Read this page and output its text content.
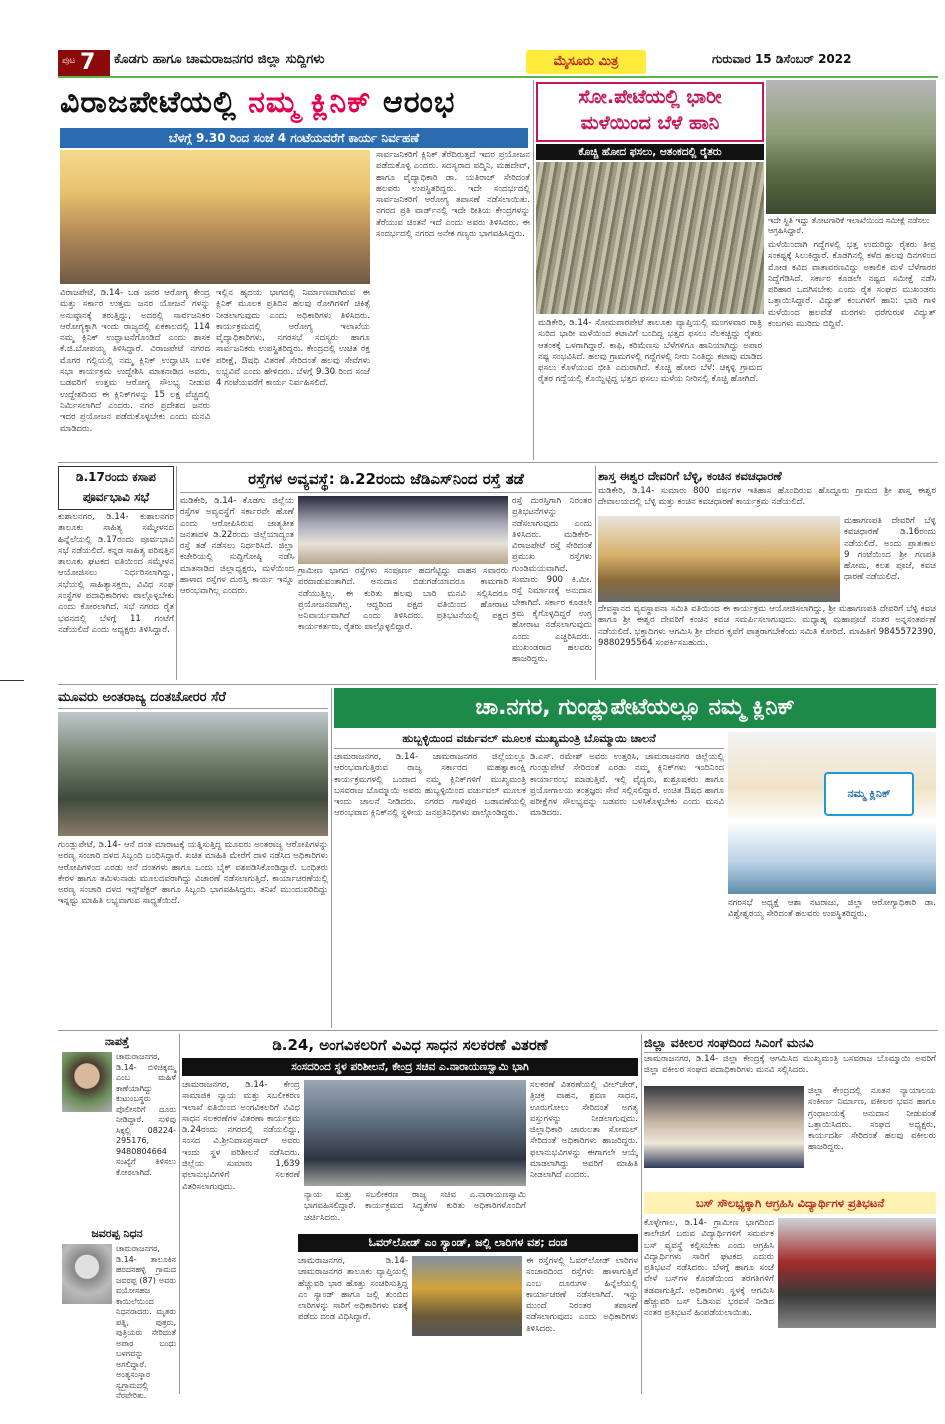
ಪುಟ 7 ಕೊಡಗು ಹಾಗೂ ಚಾಮರಾಜನಗರ ಜಿಲ್ಲಾ ಸುದ್ದಿಗಳು	ಮೈಸೂರು ಮಿತ್ರ	ಗುರುವಾರ 15 ಡಿಸೆಂಬರ್ 2022
ವಿರಾಜಪೇಟೆಯಲ್ಲಿ ನಮ್ಮ ಕ್ಲಿನಿಕ್ ಆರಂಭ
ಬೆಳಗ್ಗೆ 9.30 ರಿಂದ ಸಂಜೆ 4 ಗಂಟೆಯವರೆಗೆ ಕಾರ್ಯ ನಿರ್ವಹಣೆ
ವಿರಾಜಪೇಟೆ, ಡಿ.14- ಬಡ ಜನರ ಆರೋಗ್ಯ ಕೇಂದ್ರ ಮತ್ತು ಸರ್ಕಾರ ಉತ್ತಮ ಜನರ ಯೋಜನೆ ಗಳನ್ನು ಅನುಷ್ಠಾನಕ್ಕೆ ತರುತ್ತಿದ್ದು, ಅದರಲ್ಲಿ ಸಾರ್ವಜನಿಕರ ಆರೋಗ್ಯಕ್ಕಾಗಿ ಇಂದು ರಾಜ್ಯದಲ್ಲಿ ಏಕಕಾಲದಲ್ಲಿ 114 ನಮ್ಮ ಕ್ಲಿನಿಕ್ ಉದ್ಘಾಟನೆಗೊಂಡಿದೆ ಎಂದು ಶಾಸಕ ಕೆ.ಜಿ.ಬೋಪಯ್ಯ ತಿಳಿಸಿದ್ದಾರೆ. ವಿರಾಜಪೇಟೆ ನಗರದ ಮೊಗರ ಗಲ್ಲಿಯಲ್ಲಿ ನಮ್ಮ ಕ್ಲಿನಿಕ್ ಉದ್ಘಾಟಿಸಿ ಬಳಿಕ ಸಭಾ ಕಾರ್ಯಕ್ರಮ ಉದ್ದೇಶಿಸಿ ಮಾತನಾಡಿದ ಅವರು, ಬಡವರಿಗೆ ಉತ್ತಮ ಆರೋಗ್ಯ ಸೌಲಭ್ಯ ನೀಡುವ ಉದ್ದೇಶದಿಂದ ಈ ಕ್ಲಿನಿಕ್‌ಗಳನ್ನು 15 ಲಕ್ಷ ವೆಚ್ಚದಲ್ಲಿ ನಿರ್ಮಿಸಲಾಗಿದೆ ಎಂದರು. ನಗರ ಪ್ರದೇಶದ ಜನರು ಇದರ ಪ್ರಯೋಜನ ಪಡೆದುಕೊಳ್ಳಬೇಕು ಎಂದು ಮನವಿ ಮಾಡಿದರು.
ಇಲ್ಲಿನ ಹೃದಯ ಭಾಗದಲ್ಲಿ ನಿರ್ಮಾಣವಾಗಿರುವ ಈ ಕ್ಲಿನಿಕ್ ಮೂಲಕ ಪ್ರತಿದಿನ ಹಲವು ರೋಗಿಗಳಿಗೆ ಚಿಕಿತ್ಸೆ ನೀಡಲಾಗುವುದು ಎಂದು ಅಧಿಕಾರಿಗಳು ತಿಳಿಸಿದರು. ಕಾರ್ಯಕ್ರಮದಲ್ಲಿ ಆರೋಗ್ಯ ಇಲಾಖೆಯ ವೈದ್ಯಾಧಿಕಾರಿಗಳು, ನಗರಸಭೆ ಸದಸ್ಯರು ಹಾಗೂ ಸಾರ್ವಜನಿಕರು ಉಪಸ್ಥಿತರಿದ್ದರು. ಕೇಂದ್ರದಲ್ಲಿ ಉಚಿತ ರಕ್ತ ಪರೀಕ್ಷೆ, ಔಷಧಿ ವಿತರಣೆ ಸೇರಿದಂತೆ ಹಲವು ಸೇವೆಗಳು ಲಭ್ಯವಿವೆ ಎಂದು ಹೇಳಿದರು. ಬೆಳಗ್ಗೆ 9.30 ರಿಂದ ಸಂಜೆ 4 ಗಂಟೆಯವರೆಗೆ ಕಾರ್ಯ ನಿರ್ವಹಿಸಲಿದೆ.
ಸಾರ್ವಜನಿಕರಿಗೆ ಕ್ಲಿನಿಕ್ ತೆರೆದಿರುತ್ತದೆ ಇದರ ಪ್ರಯೋಜನ ಪಡೆದುಕೊಳ್ಳಿ ಎಂದರು. ಸದಸ್ಯರಾದ ಪದ್ಮಿನಿ, ಮಹದೇವ್, ಹಾಗೂ ವೈದ್ಯಾಧಿಕಾರಿ ಡಾ. ಯತಿರಾಜ್ ಸೇರಿದಂತೆ ಹಲವರು ಉಪಸ್ಥಿತರಿದ್ದರು. ಇದೇ ಸಂದರ್ಭದಲ್ಲಿ ಸಾರ್ವಜನಿಕರಿಗೆ ಆರೋಗ್ಯ ತಪಾಸಣೆ ನಡೆಸಲಾಯಿತು. ನಗರದ ಪ್ರತಿ ವಾರ್ಡ್‌ನಲ್ಲಿ ಇದೇ ರೀತಿಯ ಕೇಂದ್ರಗಳನ್ನು ತೆರೆಯುವ ಚಿಂತನೆ ಇದೆ ಎಂದು ಅವರು ತಿಳಿಸಿದರು. ಈ ಸಂದರ್ಭದಲ್ಲಿ ನಗರದ ಅನೇಕ ಗಣ್ಯರು ಭಾಗವಹಿಸಿದ್ದರು.
ಸೋ.ಪೇಟೆಯಲ್ಲಿ ಭಾರೀ
ಮಳೆಯಿಂದ ಬೆಳೆ ಹಾನಿ
ಕೊಚ್ಚಿ ಹೋದ ಫಸಲು, ಆತಂಕದಲ್ಲಿ ರೈತರು
ಇದೇ ಸ್ಥಿತಿ ಇದ್ದು ತೋಟಗಾರಿಕೆ ಇಲಾಖೆಯಿಂದ ಸಮೀಕ್ಷೆ ನಡೆಸಲು ಆಗ್ರಹಿಸಿದ್ದಾರೆ.
ಮಡಿಕೇರಿ, ಡಿ.14- ಸೋಮವಾರಪೇಟೆ ತಾಲೂಕು ವ್ಯಾಪ್ತಿಯಲ್ಲಿ ಮಂಗಳವಾರ ರಾತ್ರಿ ಸುರಿದ ಭಾರೀ ಮಳೆಯಿಂದ ಕಟಾವಿಗೆ ಬಂದಿದ್ದ ಭತ್ತದ ಫಸಲು ನೆಲಕಚ್ಚಿದ್ದು ರೈತರು ಆತಂಕಕ್ಕೆ ಒಳಗಾಗಿದ್ದಾರೆ. ಕಾಫಿ, ಕರಿಮೆಣಸು ಬೆಳೆಗಳಿಗೂ ಹಾನಿಯಾಗಿದ್ದು ಅಪಾರ ನಷ್ಟ ಸಂಭವಿಸಿದೆ. ಹಲವು ಗ್ರಾಮಗಳಲ್ಲಿ ಗದ್ದೆಗಳಲ್ಲಿ ನೀರು ನಿಂತಿದ್ದು ಕಟಾವು ಮಾಡಿದ ಫಸಲು ಕೊಳೆಯುವ ಭೀತಿ ಎದುರಾಗಿದೆ. ಕೊಚ್ಚಿ ಹೋದ ಬೆಳೆ: ಚಿಕ್ಕಳ್ಳಿ ಗ್ರಾಮದ ರೈತರ ಗದ್ದೆಯಲ್ಲಿ ಕೊಯ್ದಿಟ್ಟಿದ್ದ ಭತ್ತದ ಫಸಲು ಮಳೆಯ ನೀರಿನಲ್ಲಿ ಕೊಚ್ಚಿ ಹೋಗಿದೆ.
ಮಳೆಯಿಂದಾಗಿ ಗದ್ದೆಗಳಲ್ಲಿ ಭತ್ತ ಉದುರಿದ್ದು ರೈತರು ತೀವ್ರ ಸಂಕಷ್ಟಕ್ಕೆ ಸಿಲುಕಿದ್ದಾರೆ. ಕೊಡಗಿನಲ್ಲಿ ಕಳೆದ ಹಲವು ದಿನಗಳಿಂದ ಮೋಡ ಕವಿದ ವಾತಾವರಣವಿದ್ದು ಅಕಾಲಿಕ ಮಳೆ ಬೆಳೆಗಾರರ ನಿದ್ದೆಗೆಡಿಸಿದೆ. ಸರ್ಕಾರ ಕೂಡಲೇ ನಷ್ಟದ ಸಮೀಕ್ಷೆ ನಡೆಸಿ ಪರಿಹಾರ ಒದಗಿಸಬೇಕು ಎಂದು ರೈತ ಸಂಘದ ಮುಖಂಡರು ಒತ್ತಾಯಿಸಿದ್ದಾರೆ. ವಿದ್ಯುತ್ ಕಂಬಗಳಿಗೆ ಹಾನಿ: ಭಾರಿ ಗಾಳಿ ಮಳೆಯಿಂದ ಹಲವೆಡೆ ಮರಗಳು ಧರೆಗುರುಳಿ ವಿದ್ಯುತ್ ಕಂಬಗಳು ಮುರಿದು ಬಿದ್ದಿವೆ.
ಡಿ.17ರಂದು ಕಸಾಪ
ಪೂರ್ವಭಾವಿ ಸಭೆ
ಕುಶಾಲನಗರ, ಡಿ.14- ಕುಶಾಲನಗರ ತಾಲೂಕು ಸಾಹಿತ್ಯ ಸಮ್ಮೇಳನದ ಹಿನ್ನೆಲೆಯಲ್ಲಿ ಡಿ.17ರಂದು ಪೂರ್ವಭಾವಿ ಸಭೆ ನಡೆಯಲಿದೆ. ಕನ್ನಡ ಸಾಹಿತ್ಯ ಪರಿಷತ್ತಿನ ತಾಲೂಕು ಘಟಕದ ವತಿಯಿಂದ ಸಮ್ಮೇಳನ ಆಯೋಜಿಸಲು ನಿರ್ಧರಿಸಲಾಗಿದ್ದು, ಸಭೆಯಲ್ಲಿ ಸಾಹಿತ್ಯಾಸಕ್ತರು, ವಿವಿಧ ಸಂಘ ಸಂಸ್ಥೆಗಳ ಪದಾಧಿಕಾರಿಗಳು ಪಾಲ್ಗೊಳ್ಳಬೇಕು ಎಂದು ಕೋರಲಾಗಿದೆ. ಸಭೆ ನಗರದ ರೈತ ಭವನದಲ್ಲಿ ಬೆಳಗ್ಗೆ 11 ಗಂಟೆಗೆ ನಡೆಯಲಿದೆ ಎಂದು ಅಧ್ಯಕ್ಷರು ತಿಳಿಸಿದ್ದಾರೆ.
ರಸ್ತೆಗಳ ಅವ್ಯವಸ್ಥೆ: ಡಿ.22ರಂದು ಜೆಡಿಎಸ್‌ನಿಂದ ರಸ್ತೆ ತಡೆ
ಮಡಿಕೇರಿ, ಡಿ.14- ಕೊಡಗು ಜಿಲ್ಲೆಯ ರಸ್ತೆಗಳ ಅವ್ಯವಸ್ಥೆಗೆ ಸರ್ಕಾರವೇ ಹೊಣೆ ಎಂದು ಆರೋಪಿಸಿರುವ ಜಾತ್ಯತೀತ ಜನತಾದಳ ಡಿ.22ರಂದು ಜಿಲ್ಲೆಯಾದ್ಯಂತ ರಸ್ತೆ ತಡೆ ನಡೆಸಲು ನಿರ್ಧರಿಸಿದೆ. ಜಿಲ್ಲಾ ಕಚೇರಿಯಲ್ಲಿ ಸುದ್ದಿಗೋಷ್ಠಿ ನಡೆಸಿ ಮಾತನಾಡಿದ ಜಿಲ್ಲಾಧ್ಯಕ್ಷರು, ಮಳೆಯಿಂದ ಹಾಳಾದ ರಸ್ತೆಗಳ ದುರಸ್ತಿ ಕಾರ್ಯ ಇನ್ನೂ ಆರಂಭವಾಗಿಲ್ಲ ಎಂದರು.
ಗ್ರಾಮೀಣ ಭಾಗದ ರಸ್ತೆಗಳು ಸಂಪೂರ್ಣ ಹದಗೆಟ್ಟಿದ್ದು ವಾಹನ ಸವಾರರು ಪರದಾಡುವಂತಾಗಿದೆ. ಅನುದಾನ ಬಿಡುಗಡೆಯಾದರೂ ಕಾಮಗಾರಿ ನಡೆಯುತ್ತಿಲ್ಲ. ಈ ಕುರಿತು ಹಲವು ಬಾರಿ ಮನವಿ ಸಲ್ಲಿಸಿದರೂ ಪ್ರಯೋಜನವಾಗಿಲ್ಲ. ಆದ್ದರಿಂದ ಪಕ್ಷದ ವತಿಯಿಂದ ಹೋರಾಟ ಅನಿವಾರ್ಯವಾಗಿದೆ ಎಂದು ತಿಳಿಸಿದರು. ಪ್ರತಿಭಟನೆಯಲ್ಲಿ ಪಕ್ಷದ ಕಾರ್ಯಕರ್ತರು, ರೈತರು ಪಾಲ್ಗೊಳ್ಳಲಿದ್ದಾರೆ.
ರಸ್ತೆ ದುರಸ್ತಿಗಾಗಿ ನಿರಂತರ ಪ್ರತಿಭಟನೆಗಳನ್ನು ನಡೆಸಲಾಗುವುದು ಎಂದು ತಿಳಿಸಿದರು. ಮಡಿಕೇರಿ-ವಿರಾಜಪೇಟೆ ರಸ್ತೆ ಸೇರಿದಂತೆ ಪ್ರಮುಖ ರಸ್ತೆಗಳು ಗುಂಡಿಮಯವಾಗಿವೆ. ಸುಮಾರು 900 ಕಿ.ಮೀ. ರಸ್ತೆ ನಿರ್ಮಾಣಕ್ಕೆ ಅನುದಾನ ಬೇಕಾಗಿದೆ. ಸರ್ಕಾರ ಕೂಡಲೇ ಕ್ರಮ ಕೈಗೊಳ್ಳದಿದ್ದರೆ ಉಗ್ರ ಹೋರಾಟ ನಡೆಸಲಾಗುವುದು ಎಂದು ಎಚ್ಚರಿಸಿದರು. ಮುಖಂಡರಾದ ಹಲವರು ಹಾಜರಿದ್ದರು.
ಶಾಸ್ತ ಈಶ್ವರ ದೇವರಿಗೆ ಬೆಳ್ಳಿ, ಕಂಚಿನ ಕವಚಧಾರಣೆ
ಮಡಿಕೇರಿ, ಡಿ.14- ಸುಮಾರು 800 ವರ್ಷಗಳ ಇತಿಹಾಸ ಹೊಂದಿರುವ ಹೊದ್ದೂರು ಗ್ರಾಮದ ಶ್ರೀ ಶಾಸ್ತ ಈಶ್ವರ ದೇವಾಲಯದಲ್ಲಿ ಬೆಳ್ಳಿ ಮತ್ತು ಕಂಚಿನ ಕವಚಧಾರಣೆ ಕಾರ್ಯಕ್ರಮ ನಡೆಯಲಿದೆ.
ಮಹಾಗಣಪತಿ ದೇವರಿಗೆ ಬೆಳ್ಳಿ ಕವಚಧಾರಣೆ ಡಿ.16ರಂದು ನಡೆಯಲಿದೆ. ಅಂದು ಪ್ರಾತಃಕಾಲ 9 ಗಂಟೆಯಿಂದ ಶ್ರೀ ಗಣಪತಿ ಹೋಮ, ಕಲಶ ಪೂಜೆ, ಕವಚ ಧಾರಣೆ ನಡೆಯಲಿದೆ.
ದೇವಸ್ಥಾನದ ವ್ಯವಸ್ಥಾಪನಾ ಸಮಿತಿ ವತಿಯಿಂದ ಈ ಕಾರ್ಯಕ್ರಮ ಆಯೋಜಿಸಲಾಗಿದ್ದು, ಶ್ರೀ ಮಹಾಗಣಪತಿ ದೇವರಿಗೆ ಬೆಳ್ಳಿ ಕವಚ ಹಾಗೂ ಶ್ರೀ ಈಶ್ವರ ದೇವರಿಗೆ ಕಂಚಿನ ಕವಚ ಸಮರ್ಪಿಸಲಾಗುವುದು. ಮಧ್ಯಾಹ್ನ ಮಹಾಪೂಜೆ ನಂತರ ಅನ್ನಸಂತರ್ಪಣೆ ನಡೆಯಲಿದೆ. ಭಕ್ತಾದಿಗಳು ಆಗಮಿಸಿ ಶ್ರೀ ದೇವರ ಕೃಪೆಗೆ ಪಾತ್ರರಾಗಬೇಕೆಂದು ಸಮಿತಿ ಕೋರಿದೆ. ಮಾಹಿತಿಗೆ 9845572390, 9880295564 ಸಂಪರ್ಕಿಸಬಹುದು.
ಮೂವರು ಅಂತರಾಜ್ಯ ದಂತಚೋರರ ಸೆರೆ
ಗುಂಡ್ಲುಪೇಟೆ, ಡಿ.14- ಆನೆ ದಂತ ಮಾರಾಟಕ್ಕೆ ಯತ್ನಿಸುತ್ತಿದ್ದ ಮೂವರು ಅಂತರಾಜ್ಯ ಆರೋಪಿಗಳನ್ನು ಅರಣ್ಯ ಸಂಚಾರಿ ದಳದ ಸಿಬ್ಬಂದಿ ಬಂಧಿಸಿದ್ದಾರೆ. ಖಚಿತ ಮಾಹಿತಿ ಮೇರೆಗೆ ದಾಳಿ ನಡೆಸಿದ ಅಧಿಕಾರಿಗಳು ಆರೋಪಿಗಳಿಂದ ಎರಡು ಆನೆ ದಂತಗಳು ಹಾಗೂ ಒಂದು ಬೈಕ್ ವಶಪಡಿಸಿಕೊಂಡಿದ್ದಾರೆ. ಬಂಧಿತರು ಕೇರಳ ಹಾಗೂ ತಮಿಳುನಾಡು ಮೂಲದವರಾಗಿದ್ದು ವಿಚಾರಣೆ ನಡೆಸಲಾಗುತ್ತಿದೆ. ಕಾರ್ಯಾಚರಣೆಯಲ್ಲಿ ಅರಣ್ಯ ಸಂಚಾರಿ ದಳದ ಇನ್ಸ್‌ಪೆಕ್ಟರ್ ಹಾಗೂ ಸಿಬ್ಬಂದಿ ಭಾಗವಹಿಸಿದ್ದರು. ತನಿಖೆ ಮುಂದುವರಿದಿದ್ದು ಇನ್ನಷ್ಟು ಮಾಹಿತಿ ಲಭ್ಯವಾಗುವ ಸಾಧ್ಯತೆಯಿದೆ.
ಚಾ.ನಗರ, ಗುಂಡ್ಲುಪೇಟೆಯಲ್ಲೂ ನಮ್ಮ ಕ್ಲಿನಿಕ್
ಹುಬ್ಬಳ್ಳಿಯಿಂದ ವರ್ಚುವಲ್ ಮೂಲಕ ಮುಖ್ಯಮಂತ್ರಿ ಬೊಮ್ಮಾಯಿ ಚಾಲನೆ
ಚಾಮರಾಜನಗರ, ಡಿ.14- ಚಾಮರಾಜನಗರ ಜಿಲ್ಲೆಯಲ್ಲೂ ಆರಂಭವಾಗುತ್ತಿರುವ ರಾಜ್ಯ ಸರ್ಕಾರದ ಮಹತ್ವಾಕಾಂಕ್ಷಿ ಕಾರ್ಯಕ್ರಮಗಳಲ್ಲಿ ಒಂದಾದ ನಮ್ಮ ಕ್ಲಿನಿಕ್‌ಗಳಿಗೆ ಮುಖ್ಯಮಂತ್ರಿ ಬಸವರಾಜ ಬೊಮ್ಮಾಯಿ ಅವರು ಹುಬ್ಬಳ್ಳಿಯಿಂದ ವರ್ಚುವಲ್ ಮೂಲಕ ಇಂದು ಚಾಲನೆ ನೀಡಿದರು. ನಗರದ ಗಾಳಿಪುರ ಬಡಾವಣೆಯಲ್ಲಿ ಆರಂಭವಾದ ಕ್ಲಿನಿಕ್‌ನಲ್ಲಿ ಸ್ಥಳೀಯ ಜನಪ್ರತಿನಿಧಿಗಳು ಪಾಲ್ಗೊಂಡಿದ್ದರು.
ಡಿ.ಎಸ್. ರಮೇಶ್ ಅವರು ಉತ್ತರಿಸಿ, ಚಾಮರಾಜನಗರ ಜಿಲ್ಲೆಯಲ್ಲಿ ಗುಂಡ್ಲುಪೇಟೆ ಸೇರಿದಂತೆ ಎರಡು ನಮ್ಮ ಕ್ಲಿನಿಕ್‌ಗಳು ಇಂದಿನಿಂದ ಕಾರ್ಯಾರಂಭ ಮಾಡುತ್ತಿವೆ. ಇಲ್ಲಿ ವೈದ್ಯರು, ಶುಶ್ರೂಷಕರು ಹಾಗೂ ಪ್ರಯೋಗಾಲಯ ತಂತ್ರಜ್ಞರು ಸೇವೆ ಸಲ್ಲಿಸಲಿದ್ದಾರೆ. ಉಚಿತ ಔಷಧ ಹಾಗೂ ಪರೀಕ್ಷೆಗಳ ಸೌಲಭ್ಯವನ್ನು ಬಡವರು ಬಳಸಿಕೊಳ್ಳಬೇಕು ಎಂದು ಮನವಿ ಮಾಡಿದರು.
ನಮ್ಮ ಕ್ಲಿನಿಕ್
ನಗರಸಭೆ ಅಧ್ಯಕ್ಷೆ ಆಶಾ ನಟರಾಜು, ಜಿಲ್ಲಾ ಆರೋಗ್ಯಾಧಿಕಾರಿ ಡಾ. ವಿಶ್ವೇಶ್ವರಯ್ಯ ಸೇರಿದಂತೆ ಹಲವರು ಉಪಸ್ಥಿತರಿದ್ದರು.
ನಾಪತ್ತೆ
ಚಾಮರಾಜನಗರ, ಡಿ.14- ಬಿಳಿಚಿಕ್ಕಮ್ಮ ಎಂಬ ಮಹಿಳೆ ಕಾಣೆಯಾಗಿದ್ದು ಕುಟುಂಬಸ್ಥರು ಪೊಲೀಸರಿಗೆ ದೂರು ನೀಡಿದ್ದಾರೆ. ಸುಳಿವು ಸಿಕ್ಕಲ್ಲಿ 08224-295176, 9480804664 ಸಂಖ್ಯೆಗೆ ತಿಳಿಸಲು ಕೋರಲಾಗಿದೆ.
ಜವರಪ್ಪ ನಿಧನ
ಚಾಮರಾಜನಗರ, ಡಿ.14- ತಾಲೂಕಿನ ಹರದನಹಳ್ಳಿ ಗ್ರಾಮದ ಜವರಪ್ಪ (87) ಅವರು ವಯೋಸಹಜ ಕಾಯಿಲೆಯಿಂದ ನಿಧನರಾದರು. ಮೃತರು ಪತ್ನಿ, ಪುತ್ರರು, ಪುತ್ರಿಯರು ಸೇರಿದಂತೆ ಅಪಾರ ಬಂಧು ಬಳಗವನ್ನು ಅಗಲಿದ್ದಾರೆ. ಅಂತ್ಯಸಂಸ್ಕಾರ ಸ್ವಗ್ರಾಮದಲ್ಲಿ ನೆರವೇರಿತು.
ಡಿ.24, ಅಂಗವಿಕಲರಿಗೆ ವಿವಿಧ ಸಾಧನ ಸಲಕರಣೆ ವಿತರಣೆ
ಸಂಸದರಿಂದ ಸ್ಥಳ ಪರಿಶೀಲನೆ, ಕೇಂದ್ರ ಸಚಿವ ಎ.ನಾರಾಯಣಸ್ವಾಮಿ ಭಾಗಿ
ಚಾಮರಾಜನಗರ, ಡಿ.14- ಕೇಂದ್ರ ಸಾಮಾಜಿಕ ನ್ಯಾಯ ಮತ್ತು ಸಬಲೀಕರಣ ಇಲಾಖೆ ವತಿಯಿಂದ ಅಂಗವಿಕಲರಿಗೆ ವಿವಿಧ ಸಾಧನ ಸಲಕರಣೆಗಳ ವಿತರಣಾ ಕಾರ್ಯಕ್ರಮ ಡಿ.24ರಂದು ನಗರದಲ್ಲಿ ನಡೆಯಲಿದ್ದು, ಸಂಸದ ವಿ.ಶ್ರೀನಿವಾಸಪ್ರಸಾದ್ ಅವರು ಇಂದು ಸ್ಥಳ ಪರಿಶೀಲನೆ ನಡೆಸಿದರು. ಜಿಲ್ಲೆಯ ಸುಮಾರು 1,639 ಫಲಾನುಭವಿಗಳಿಗೆ ಸಲಕರಣೆ ವಿತರಿಸಲಾಗುವುದು.
ನ್ಯಾಯ ಮತ್ತು ಸಬಲೀಕರಣ ರಾಜ್ಯ ಸಚಿವ ಎ.ನಾರಾಯಣಸ್ವಾಮಿ ಭಾಗವಹಿಸಲಿದ್ದಾರೆ. ಕಾರ್ಯಕ್ರಮದ ಸಿದ್ಧತೆಗಳ ಕುರಿತು ಅಧಿಕಾರಿಗಳೊಂದಿಗೆ ಚರ್ಚಿಸಿದರು.
ಸಲಕರಣೆ ವಿತರಣೆಯಲ್ಲಿ ವೀಲ್‌ಚೇರ್, ತ್ರಿಚಕ್ರ ವಾಹನ, ಶ್ರವಣ ಸಾಧನ, ಊರುಗೋಲು ಸೇರಿದಂತೆ ಅಗತ್ಯ ವಸ್ತುಗಳನ್ನು ನೀಡಲಾಗುವುದು. ಜಿಲ್ಲಾಧಿಕಾರಿ ಚಾರುಲತಾ ಸೋಮಲ್ ಸೇರಿದಂತೆ ಅಧಿಕಾರಿಗಳು ಹಾಜರಿದ್ದರು. ಫಲಾನುಭವಿಗಳನ್ನು ಈಗಾಗಲೇ ಆಯ್ಕೆ ಮಾಡಲಾಗಿದ್ದು ಅವರಿಗೆ ಮಾಹಿತಿ ನೀಡಲಾಗಿದೆ ಎಂದರು.
ಓವರ್‌ಲೋಡ್ ಎಂ ಸ್ಯಾಂಡ್, ಜಲ್ಲಿ ಲಾರಿಗಳ ವಶ; ದಂಡ
ಚಾಮರಾಜನಗರ, ಡಿ.14- ಚಾಮರಾಜನಗರ ತಾಲೂಕು ವ್ಯಾಪ್ತಿಯಲ್ಲಿ ಹೆಚ್ಚುವರಿ ಭಾರ ಹೊತ್ತು ಸಂಚರಿಸುತ್ತಿದ್ದ ಎಂ ಸ್ಯಾಂಡ್ ಹಾಗೂ ಜಲ್ಲಿ ತುಂಬಿದ ಲಾರಿಗಳನ್ನು ಸಾರಿಗೆ ಅಧಿಕಾರಿಗಳು ವಶಕ್ಕೆ ಪಡೆದು ದಂಡ ವಿಧಿಸಿದ್ದಾರೆ.
ಈ ರಸ್ತೆಗಳಲ್ಲಿ ಓವರ್‌ಲೋಡ್ ಲಾರಿಗಳ ಸಂಚಾರದಿಂದ ರಸ್ತೆಗಳು ಹಾಳಾಗುತ್ತಿವೆ ಎಂಬ ದೂರುಗಳ ಹಿನ್ನೆಲೆಯಲ್ಲಿ ಕಾರ್ಯಾಚರಣೆ ನಡೆಸಲಾಗಿದೆ. ಇನ್ನು ಮುಂದೆ ನಿರಂತರ ತಪಾಸಣೆ ನಡೆಸಲಾಗುವುದು ಎಂದು ಅಧಿಕಾರಿಗಳು ತಿಳಿಸಿದರು.
ಜಿಲ್ಲಾ ವಕೀಲರ ಸಂಘದಿಂದ ಸಿಎಂಗೆ ಮನವಿ
ಚಾಮರಾಜನಗರ, ಡಿ.14- ಜಿಲ್ಲಾ ಕೇಂದ್ರಕ್ಕೆ ಆಗಮಿಸಿದ ಮುಖ್ಯಮಂತ್ರಿ ಬಸವರಾಜ ಬೊಮ್ಮಾಯಿ ಅವರಿಗೆ ಜಿಲ್ಲಾ ವಕೀಲರ ಸಂಘದ ಪದಾಧಿಕಾರಿಗಳು ಮನವಿ ಸಲ್ಲಿಸಿದರು.
ಜಿಲ್ಲಾ ಕೇಂದ್ರದಲ್ಲಿ ನೂತನ ನ್ಯಾಯಾಲಯ ಸಂಕೀರ್ಣ ನಿರ್ಮಾಣ, ವಕೀಲರ ಭವನ ಹಾಗೂ ಗ್ರಂಥಾಲಯಕ್ಕೆ ಅನುದಾನ ನೀಡುವಂತೆ ಒತ್ತಾಯಿಸಿದರು. ಸಂಘದ ಅಧ್ಯಕ್ಷರು, ಕಾರ್ಯದರ್ಶಿ ಸೇರಿದಂತೆ ಹಲವು ವಕೀಲರು ಹಾಜರಿದ್ದರು.
ಬಸ್ ಸೌಲಭ್ಯಕ್ಕಾಗಿ ಆಗ್ರಹಿಸಿ ವಿದ್ಯಾರ್ಥಿಗಳ ಪ್ರತಿಭಟನೆ
ಕೊಳ್ಳೇಗಾಲ, ಡಿ.14- ಗ್ರಾಮೀಣ ಭಾಗದಿಂದ ಕಾಲೇಜಿಗೆ ಬರುವ ವಿದ್ಯಾರ್ಥಿಗಳಿಗೆ ಸಮರ್ಪಕ ಬಸ್ ವ್ಯವಸ್ಥೆ ಕಲ್ಪಿಸಬೇಕು ಎಂದು ಆಗ್ರಹಿಸಿ ವಿದ್ಯಾರ್ಥಿಗಳು ಸಾರಿಗೆ ಘಟಕದ ಎದುರು ಪ್ರತಿಭಟನೆ ನಡೆಸಿದರು. ಬೆಳಗ್ಗೆ ಹಾಗೂ ಸಂಜೆ ವೇಳೆ ಬಸ್‌ಗಳ ಕೊರತೆಯಿಂದ ತರಗತಿಗಳಿಗೆ ತಡವಾಗುತ್ತಿದೆ. ಅಧಿಕಾರಿಗಳು ಸ್ಥಳಕ್ಕೆ ಆಗಮಿಸಿ ಹೆಚ್ಚುವರಿ ಬಸ್ ಓಡಿಸುವ ಭರವಸೆ ನೀಡಿದ ನಂತರ ಪ್ರತಿಭಟನೆ ಹಿಂಪಡೆಯಲಾಯಿತು.
